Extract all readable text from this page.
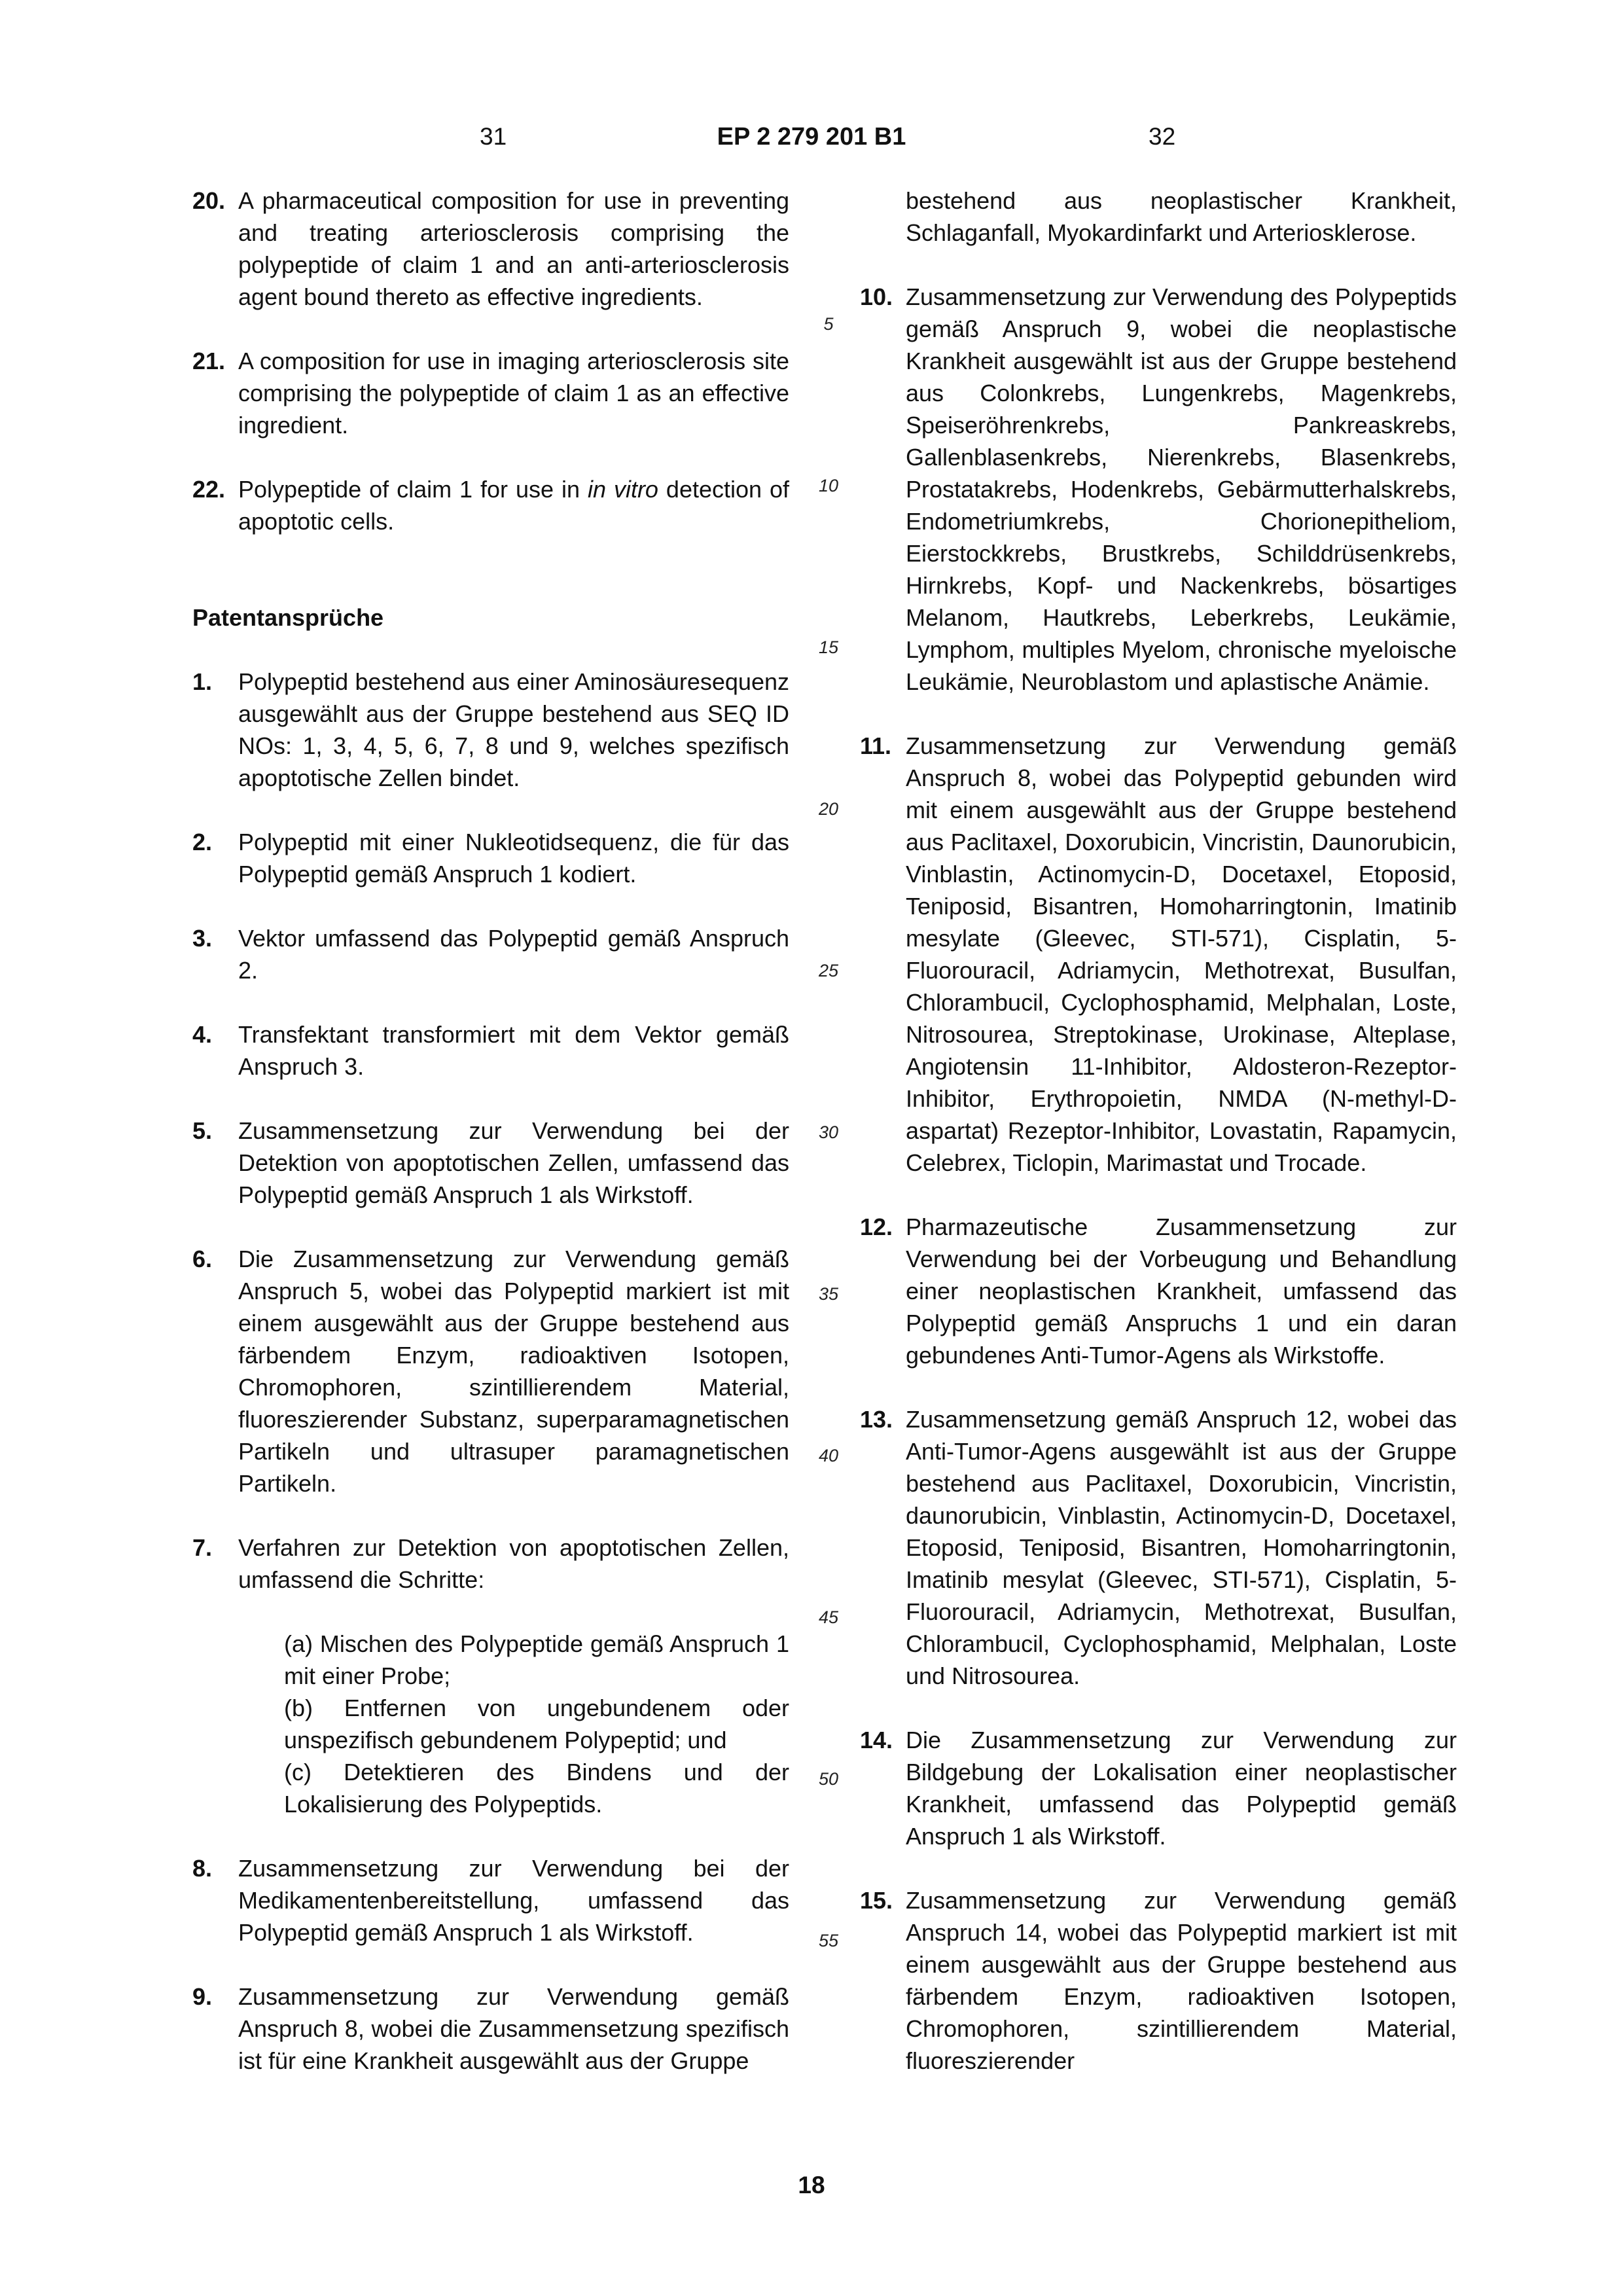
31	EP 2 279 201 B1	32
20. A pharmaceutical composition for use in preventing and treating arteriosclerosis comprising the polypeptide of claim 1 and an anti-arteriosclerosis agent bound thereto as effective ingredients.
21. A composition for use in imaging arteriosclerosis site comprising the polypeptide of claim 1 as an effective ingredient.
22. Polypeptide of claim 1 for use in in vitro detection of apoptotic cells.

Patentansprüche

1. Polypeptid bestehend aus einer Aminosäuresequenz ausgewählt aus der Gruppe bestehend aus SEQ ID NOs: 1, 3, 4, 5, 6, 7, 8 und 9, welches spezifisch apoptotische Zellen bindet.
2. Polypeptid mit einer Nukleotidsequenz, die für das Polypeptid gemäß Anspruch 1 kodiert.
3. Vektor umfassend das Polypeptid gemäß Anspruch 2.
4. Transfektant transformiert mit dem Vektor gemäß Anspruch 3.
5. Zusammensetzung zur Verwendung bei der Detektion von apoptotischen Zellen, umfassend das Polypeptid gemäß Anspruch 1 als Wirkstoff.
6. Die Zusammensetzung zur Verwendung gemäß Anspruch 5, wobei das Polypeptid markiert ist mit einem ausgewählt aus der Gruppe bestehend aus färbendem Enzym, radioaktiven Isotopen, Chromophoren, szintillierendem Material, fluoreszierender Substanz, superparamagnetischen Partikeln und ultrasuper paramagnetischen Partikeln.
7. Verfahren zur Detektion von apoptotischen Zellen, umfassend die Schritte:

(a) Mischen des Polypeptide gemäß Anspruch 1 mit einer Probe;

(b) Entfernen von ungebundenem oder unspezifisch gebundenem Polypeptid; und

(c) Detektieren des Bindens und der Lokalisierung des Polypeptids.

8. Zusammensetzung zur Verwendung bei der Medikamentenbereitstellung, umfassend das Polypeptid gemäß Anspruch 1 als Wirkstoff.
9. Zusammensetzung zur Verwendung gemäß Anspruch 8, wobei die Zusammensetzung spezifisch ist für eine Krankheit ausgewählt aus der Gruppe
5
10
15
20
25
30
35
40
45
50
55

bestehend aus neoplastischer Krankheit, Schlaganfall, Myokardinfarkt und Arteriosklerose.

10. Zusammensetzung zur Verwendung des Polypeptids gemäß Anspruch 9, wobei die neoplastische Krankheit ausgewählt ist aus der Gruppe bestehend aus Colonkrebs, Lungenkrebs, Magenkrebs, Speiseröhrenkrebs, Pankreaskrebs, Gallenblasenkrebs, Nierenkrebs, Blasenkrebs, Prostatakrebs, Hodenkrebs, Gebärmutterhalskrebs, Endometriumkrebs, Chorionepitheliom, Eierstockkrebs, Brustkrebs, Schilddrüsenkrebs, Hirnkrebs, Kopf- und Nackenkrebs, bösartiges Melanom, Hautkrebs, Leberkrebs, Leukämie, Lymphom, multiples Myelom, chronische myeloische Leukämie, Neuroblastom und aplastische Anämie.
11. Zusammensetzung zur Verwendung gemäß Anspruch 8, wobei das Polypeptid gebunden wird mit einem ausgewählt aus der Gruppe bestehend aus Paclitaxel, Doxorubicin, Vincristin, Daunorubicin, Vinblastin, Actinomycin-D, Docetaxel, Etoposid, Teniposid, Bisantren, Homoharringtonin, Imatinib mesylate (Gleevec, STI-571), Cisplatin, 5-Fluorouracil, Adriamycin, Methotrexat, Busulfan, Chlorambucil, Cyclophosphamid, Melphalan, Loste, Nitrosourea, Streptokinase, Urokinase, Alteplase, Angiotensin 11-Inhibitor, Aldosteron-Rezeptor-Inhibitor, Erythropoietin, NMDA (N-methyl-D-aspartat) Rezeptor-Inhibitor, Lovastatin, Rapamycin, Celebrex, Ticlopin, Marimastat und Trocade.
12. Pharmazeutische Zusammensetzung zur Verwendung bei der Vorbeugung und Behandlung einer neoplastischen Krankheit, umfassend das Polypeptid gemäß Anspruchs 1 und ein daran gebundenes Anti-Tumor-Agens als Wirkstoffe.
13. Zusammensetzung gemäß Anspruch 12, wobei das Anti-Tumor-Agens ausgewählt ist aus der Gruppe bestehend aus Paclitaxel, Doxorubicin, Vincristin, daunorubicin, Vinblastin, Actinomycin-D, Docetaxel, Etoposid, Teniposid, Bisantren, Homoharringtonin, Imatinib mesylat (Gleevec, STI-571), Cisplatin, 5-Fluorouracil, Adriamycin, Methotrexat, Busulfan, Chlorambucil, Cyclophosphamid, Melphalan, Loste und Nitrosourea.
14. Die Zusammensetzung zur Verwendung zur Bildgebung der Lokalisation einer neoplastischer Krankheit, umfassend das Polypeptid gemäß Anspruch 1 als Wirkstoff.
15. Zusammensetzung zur Verwendung gemäß Anspruch 14, wobei das Polypeptid markiert ist mit einem ausgewählt aus der Gruppe bestehend aus färbendem Enzym, radioaktiven Isotopen, Chromophoren, szintillierendem Material, fluoreszierender
18
